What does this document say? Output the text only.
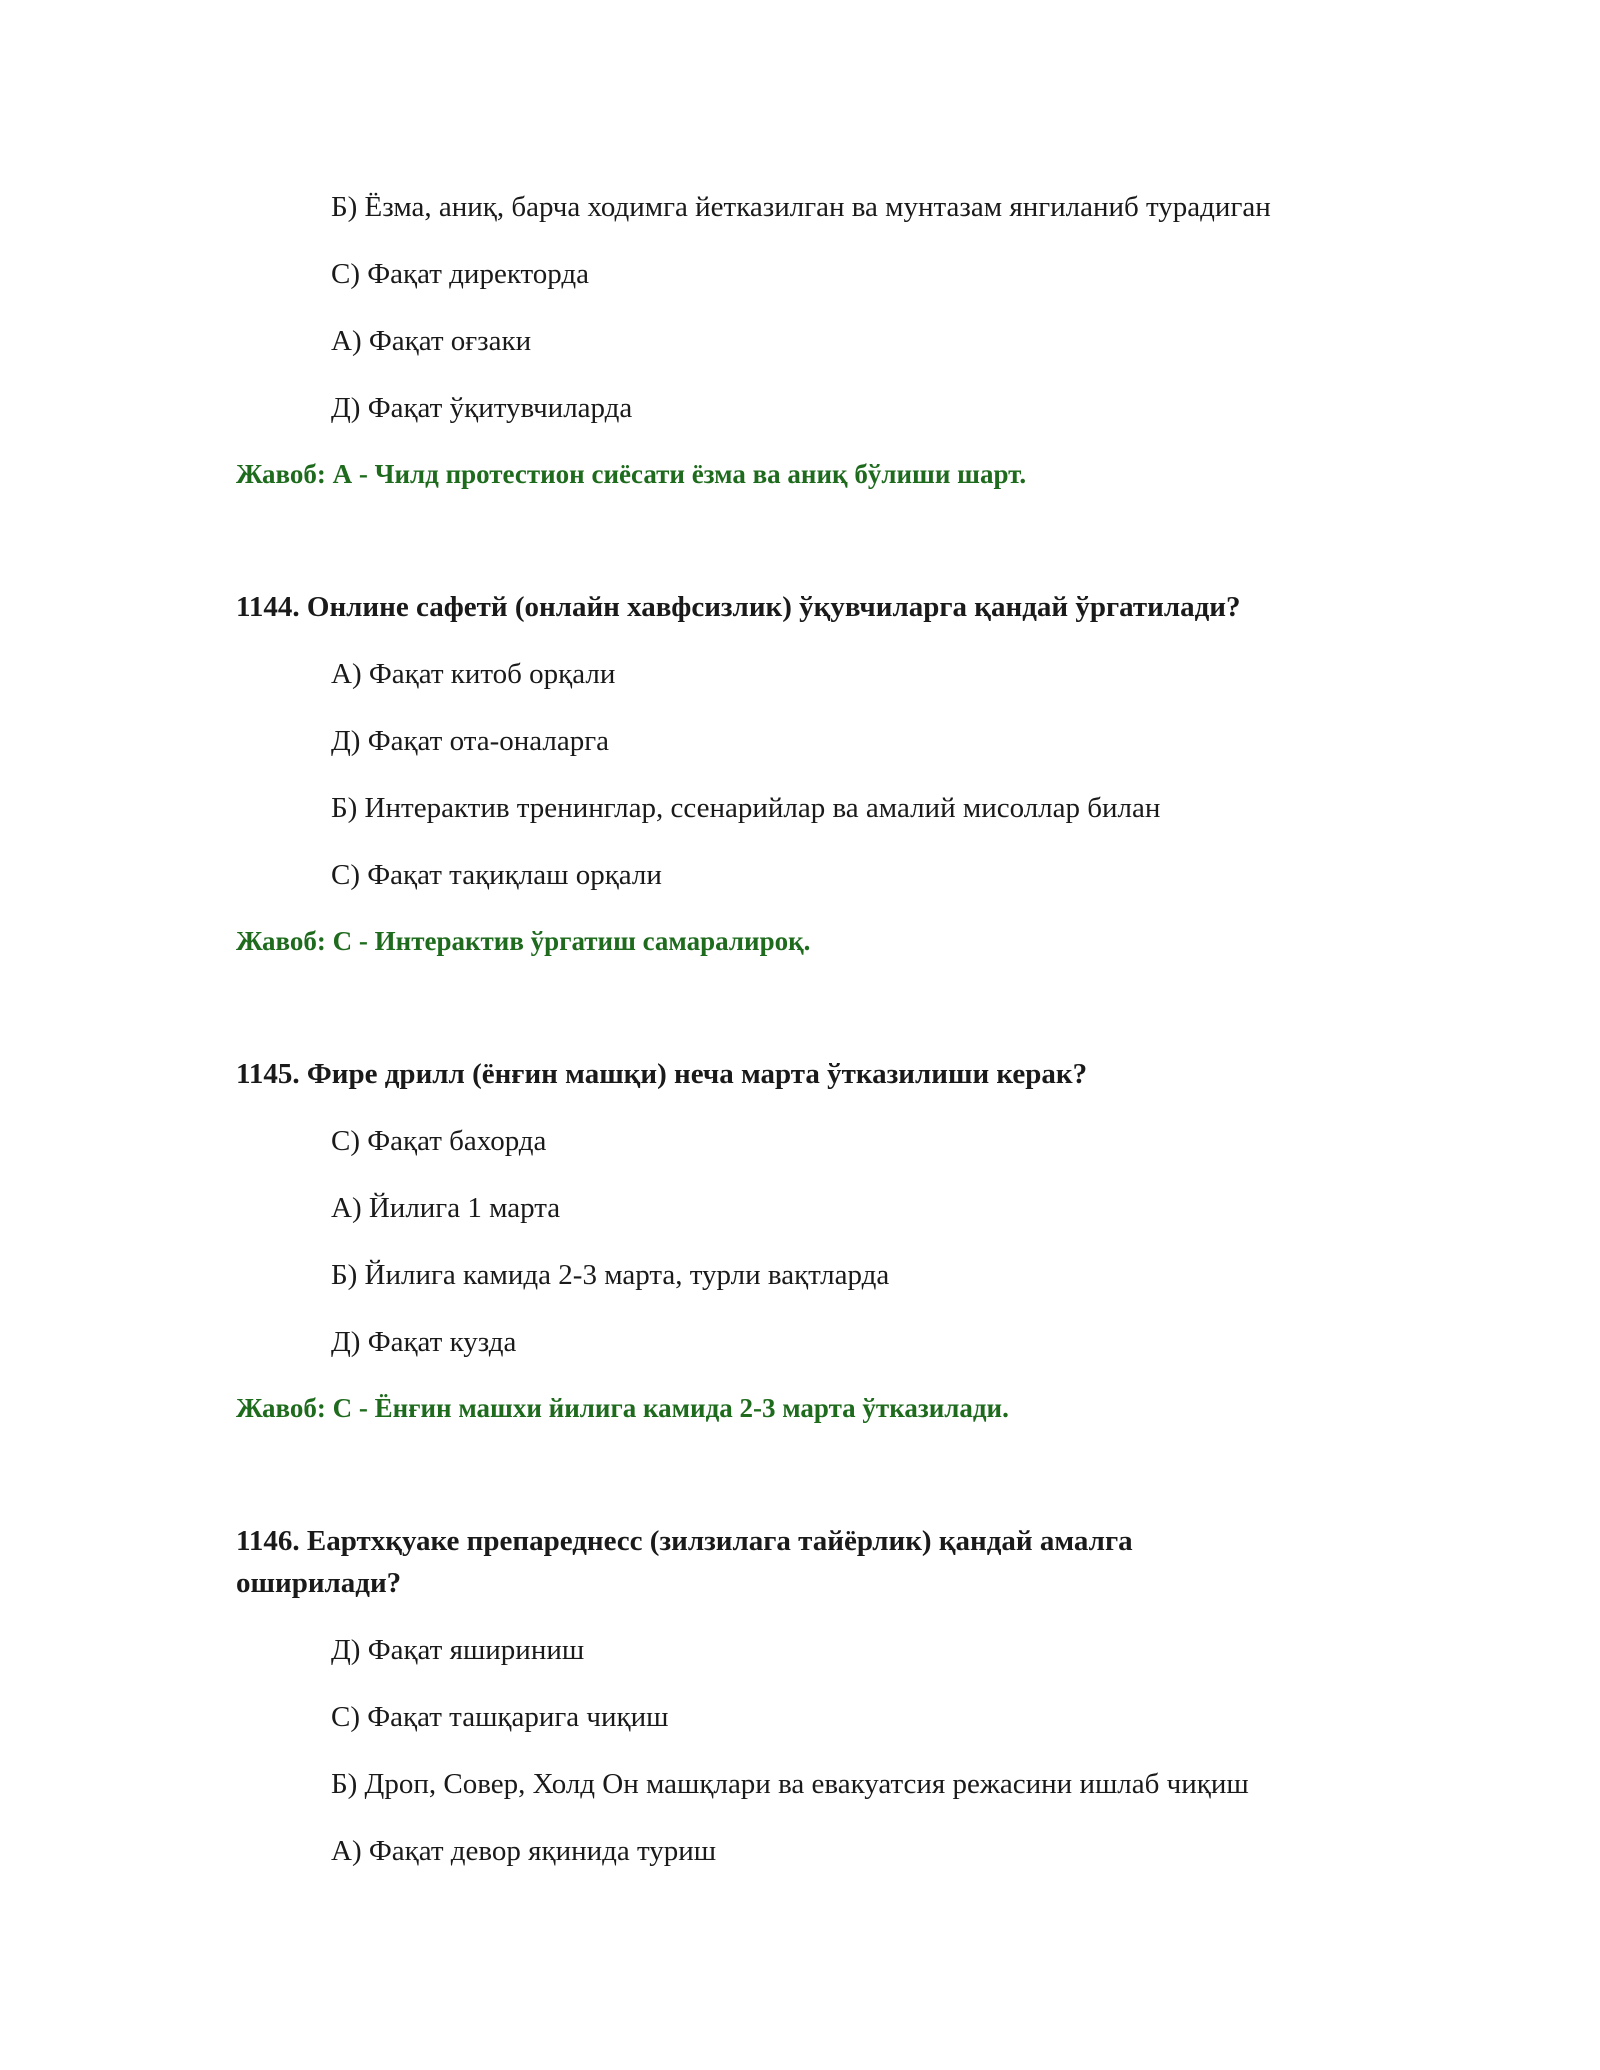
Б) Ёзма, аниқ, барча ходимга йетказилган ва мунтазам янгиланиб турадиган
С) Фақат директорда
А) Фақат оғзаки
Д) Фақат ўқитувчиларда
Жавоб: А - Чилд протестион сиёсати ёзма ва аниқ бўлиши шарт.
1144. Онлине сафетй (онлайн хавфсизлик) ўқувчиларга қандай ўргатилади?
А) Фақат китоб орқали
Д) Фақат ота-оналарга
Б) Интерактив тренинглар, ссенарийлар ва амалий мисоллар билан
С) Фақат тақиқлаш орқали
Жавоб: С - Интерактив ўргатиш самаралироқ.
1145. Фире дрилл (ёнғин машқи) неча марта ўтказилиши керак?
С) Фақат бахорда
А) Йилига 1 марта
Б) Йилига камида 2-3 марта, турли вақтларда
Д) Фақат кузда
Жавоб: С - Ёнғин машхи йилига камида 2-3 марта ўтказилади.
1146. Еартхқуаке препареднесс (зилзилага тайёрлик) қандай амалга
оширилади?
Д) Фақат яшириниш
С) Фақат ташқарига чиқиш
Б) Дроп, Совер, Холд Он машқлари ва евакуатсия режасини ишлаб чиқиш
А) Фақат девор яқинида туриш
